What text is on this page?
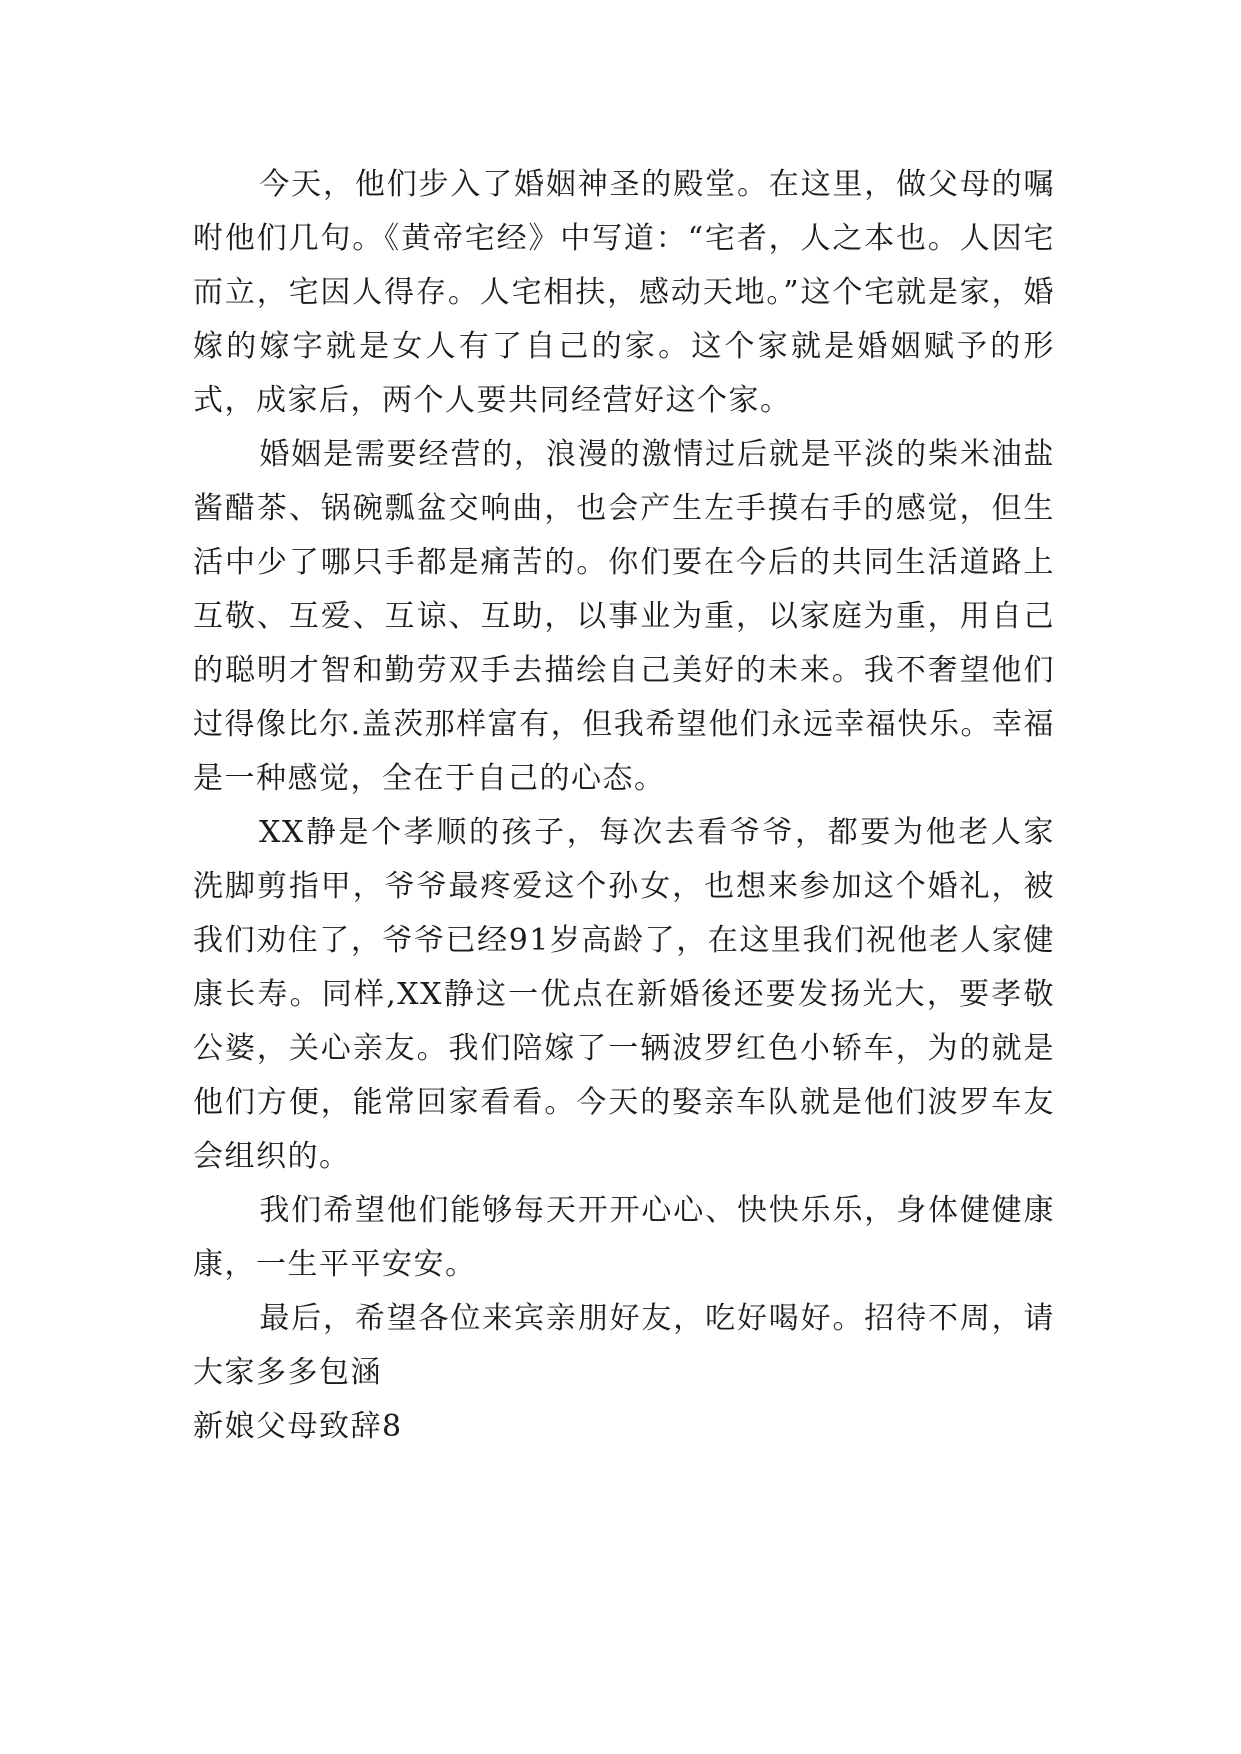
今天，他们步入了婚姻神圣的殿堂。在这里，做父母的嘱咐他们几句。《黄帝宅经》中写道：“宅者，人之本也。人因宅而立，宅因人得存。人宅相扶，感动天地。”这个宅就是家，婚嫁的嫁字就是女人有了自己的家。这个家就是婚姻赋予的形式，成家后，两个人要共同经营好这个家。

婚姻是需要经营的，浪漫的激情过后就是平淡的柴米油盐酱醋茶、锅碗瓢盆交响曲，也会产生左手摸右手的感觉，但生活中少了哪只手都是痛苦的。你们要在今后的共同生活道路上互敬、互爱、互谅、互助，以事业为重，以家庭为重，用自己的聪明才智和勤劳双手去描绘自己美好的未来。我不奢望他们过得像比尔.盖茨那样富有，但我希望他们永远幸福快乐。幸福是一种感觉，全在于自己的心态。

XX静是个孝顺的孩子，每次去看爷爷，都要为他老人家洗脚剪指甲，爷爷最疼爱这个孙女，也想来参加这个婚礼，被我们劝住了，爷爷已经91岁高龄了，在这里我们祝他老人家健康长寿。同样,XX静这一优点在新婚後还要发扬光大，要孝敬公婆，关心亲友。我们陪嫁了一辆波罗红色小轿车，为的就是他们方便，能常回家看看。今天的娶亲车队就是他们波罗车友会组织的。

我们希望他们能够每天开开心心、快快乐乐，身体健健康康，一生平平安安。

最后，希望各位来宾亲朋好友，吃好喝好。招待不周，请大家多多包涵

新娘父母致辞8
